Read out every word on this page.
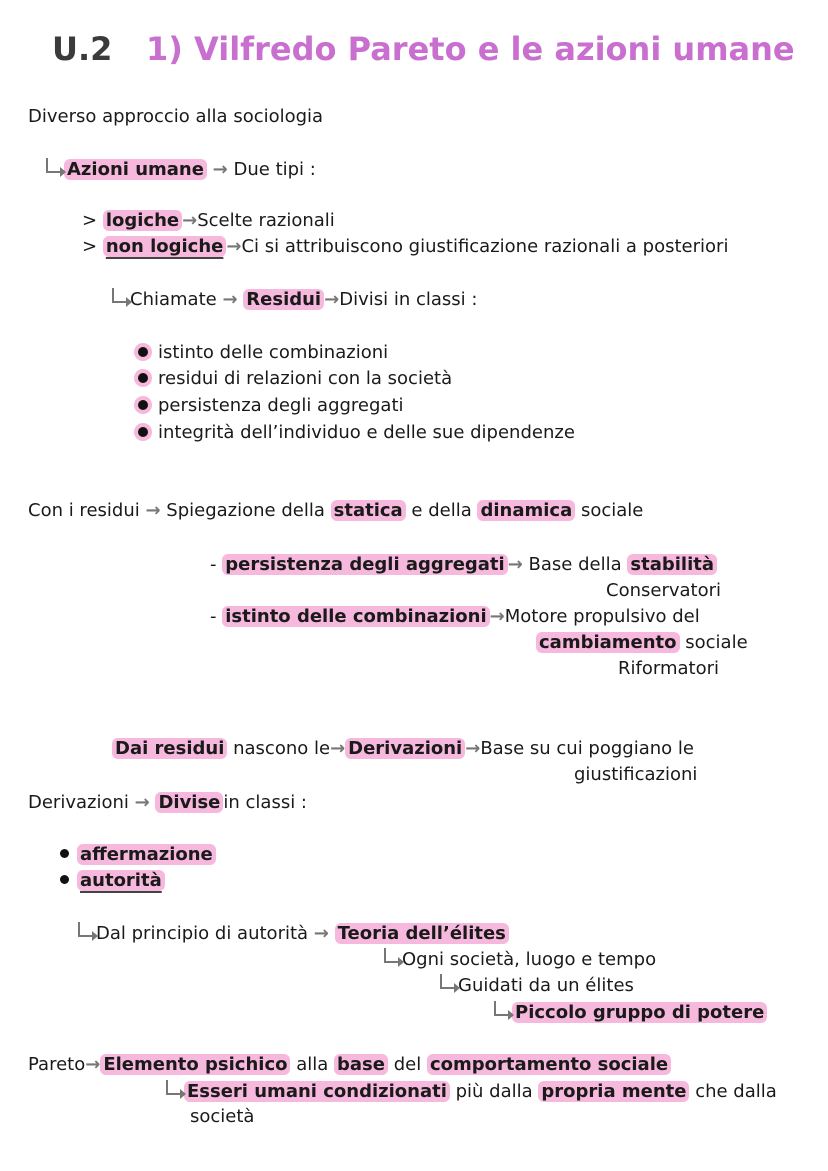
U.2 1) Vilfredo Pareto e le azioni umane
Diverso approccio alla sociologia
Azioni umane → Due tipi :
> logiche →Scelte razionali
> non logiche →Ci si attribuiscono giustificazione razionali a posteriori
Chiamate → Residui →Divisi in classi :
istinto delle combinazioni
residui di relazioni con la società
persistenza degli aggregati
integrità dell’individuo e delle sue dipendenze
Con i residui → Spiegazione della statica e della dinamica sociale
- persistenza degli aggregati → Base della stabilità
Conservatori
- istinto delle combinazioni →Motore propulsivo del
cambiamento sociale
Riformatori
Dai residui nascono le→ Derivazioni →Base su cui poggiano le
giustificazioni
Derivazioni → Divise in classi :
affermazione
autorità
Dal principio di autorità → Teoria dell’élites
Ogni società, luogo e tempo
Guidati da un élites
Piccolo gruppo di potere
Pareto→ Elemento psichico alla base del comportamento sociale
Esseri umani condizionati più dalla propria mente che dalla
società
